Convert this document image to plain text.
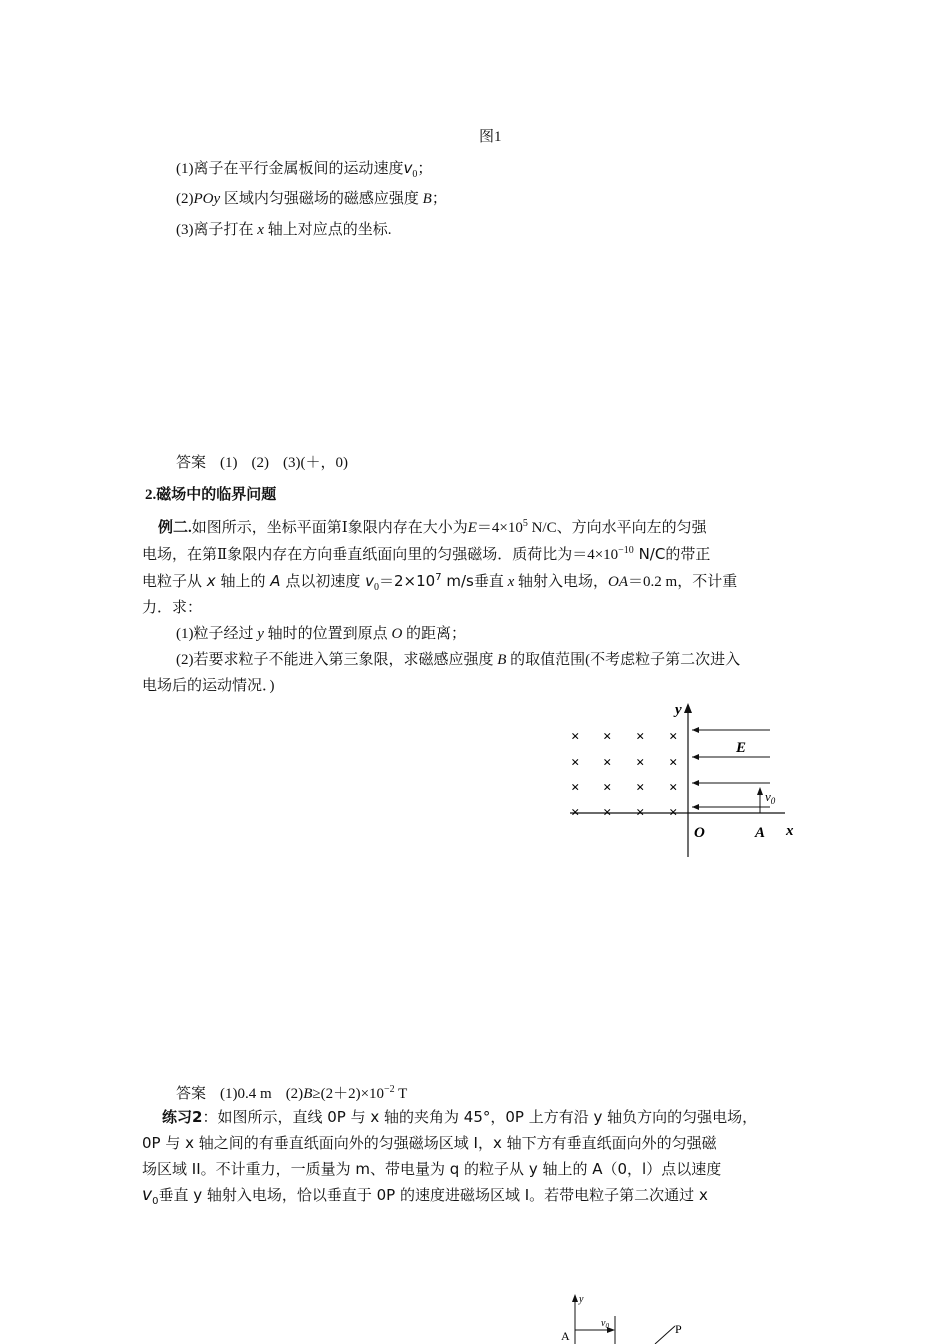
图1
(1)离子在平行金属板间的运动速度$v_0$；
(2)POy 区域内匀强磁场的磁感应强度 B；
(3)离子打在 x 轴上对应点的坐标.
答案 (1) (2) (3)(＋，0)
2.磁场中的临界问题
例二.如图所示，坐标平面第Ⅰ象限内存在大小为$E=4\times 10^5$ N/C、方向水平向左的匀强
电场，在第Ⅱ象限内存在方向垂直纸面向里的匀强磁场．质荷比为$=4\times 10^{-10}$ N/C的带正
电粒子从 x 轴上的 A 点以初速度 $v_0=2\times 10^7$ m/s垂直 x 轴射入电场，OA＝0.2 m，不计重
力．求：
(1)粒子经过 y 轴时的位置到原点 O 的距离；
(2)若要求粒子不能进入第三象限，求磁感应强度 B 的取值范围(不考虑粒子第二次进入
电场后的运动情况．)
y
x
O	A
E
$v_0$
× × × ×
× × × ×
× × × ×
× × × ×
答案 (1)0.4 m $(2)B\ge(2+2)\times 10^{-2}$ T
练习2：如图所示，直线 0P 与 x 轴的夹角为 45°，0P 上方有沿 y 轴负方向的匀强电场，
0P 与 x 轴之间的有垂直纸面向外的匀强磁场区域 I，x 轴下方有垂直纸面向外的匀强磁
场区域 II。不计重力，一质量为 m、带电量为 q 的粒子从 y 轴上的 A（0，l）点以速度
$v_0$垂直 y 轴射入电场，恰以垂直于 0P 的速度进磁场区域 I。若带电粒子第二次通过 x
y
A
$v_0$	P
